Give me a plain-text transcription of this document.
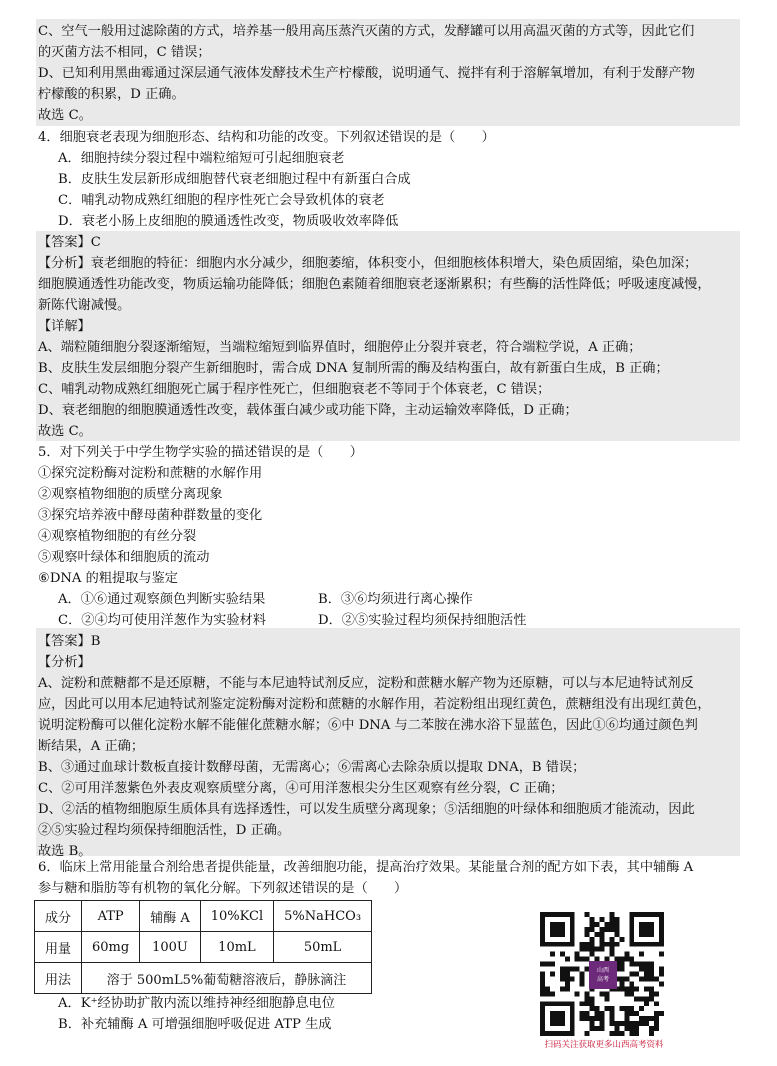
C、空气一般用过滤除菌的方式，培养基一般用高压蒸汽灭菌的方式，发酵罐可以用高温灭菌的方式等，因此它们
的灭菌方法不相同，C 错误；
D、已知利用黑曲霉通过深层通气液体发酵技术生产柠檬酸，说明通气、搅拌有利于溶解氧增加，有利于发酵产物
柠檬酸的积累，D 正确。
故选 C。
4．细胞衰老表现为细胞形态、结构和功能的改变。下列叙述错误的是（　　）
A．细胞持续分裂过程中端粒缩短可引起细胞衰老
B．皮肤生发层新形成细胞替代衰老细胞过程中有新蛋白合成
C．哺乳动物成熟红细胞的程序性死亡会导致机体的衰老
D．衰老小肠上皮细胞的膜通透性改变，物质吸收效率降低
【答案】C
【分析】衰老细胞的特征：细胞内水分减少，细胞萎缩，体积变小，但细胞核体积增大，染色质固缩，染色加深；
细胞膜通透性功能改变，物质运输功能降低；细胞色素随着细胞衰老逐渐累积；有些酶的活性降低；呼吸速度减慢，
新陈代谢减慢。
【详解】
A、端粒随细胞分裂逐渐缩短，当端粒缩短到临界值时，细胞停止分裂并衰老，符合端粒学说，A 正确；
B、皮肤生发层细胞分裂产生新细胞时，需合成 DNA 复制所需的酶及结构蛋白，故有新蛋白生成，B 正确；
C、哺乳动物成熟红细胞死亡属于程序性死亡，但细胞衰老不等同于个体衰老，C 错误；
D、衰老细胞的细胞膜通透性改变，载体蛋白减少或功能下降，主动运输效率降低，D 正确；
故选 C。
5．对下列关于中学生物学实验的描述错误的是（　　）
①探究淀粉酶对淀粉和蔗糖的水解作用
②观察植物细胞的质壁分离现象
③探究培养液中酵母菌种群数量的变化
④观察植物细胞的有丝分裂
⑤观察叶绿体和细胞质的流动
⑥DNA 的粗提取与鉴定
A．①⑥通过观察颜色判断实验结果	B．③⑥均须进行离心操作
C．②④均可使用洋葱作为实验材料	D．②⑤实验过程均须保持细胞活性
【答案】B
【分析】
A、淀粉和蔗糖都不是还原糖，不能与本尼迪特试剂反应，淀粉和蔗糖水解产物为还原糖，可以与本尼迪特试剂反
应，因此可以用本尼迪特试剂鉴定淀粉酶对淀粉和蔗糖的水解作用，若淀粉组出现红黄色，蔗糖组没有出现红黄色，
说明淀粉酶可以催化淀粉水解不能催化蔗糖水解；⑥中 DNA 与二苯胺在沸水浴下显蓝色，因此①⑥均通过颜色判
断结果，A 正确；
B、③通过血球计数板直接计数酵母菌，无需离心；⑥需离心去除杂质以提取 DNA，B 错误；
C、②可用洋葱紫色外表皮观察质壁分离，④可用洋葱根尖分生区观察有丝分裂，C 正确；
D、②活的植物细胞原生质体具有选择透性，可以发生质壁分离现象；⑤活细胞的叶绿体和细胞质才能流动，因此
②⑤实验过程均须保持细胞活性，D 正确。
故选 B。
6．临床上常用能量合剂给患者提供能量，改善细胞功能，提高治疗效果。某能量合剂的配方如下表，其中辅酶 A
参与糖和脂肪等有机物的氧化分解。下列叙述错误的是（　　）
成分	ATP	辅酶 A	10%KCl	5%NaHCO₃
用量	60mg	100U	10mL	50mL
用法	溶于 500mL5%葡萄糖溶液后，静脉滴注			
A．K⁺经协助扩散内流以维持神经细胞静息电位
B．补充辅酶 A 可增强细胞呼吸促进 ATP 生成
山西
高考
扫码关注获取更多山西高考资料
